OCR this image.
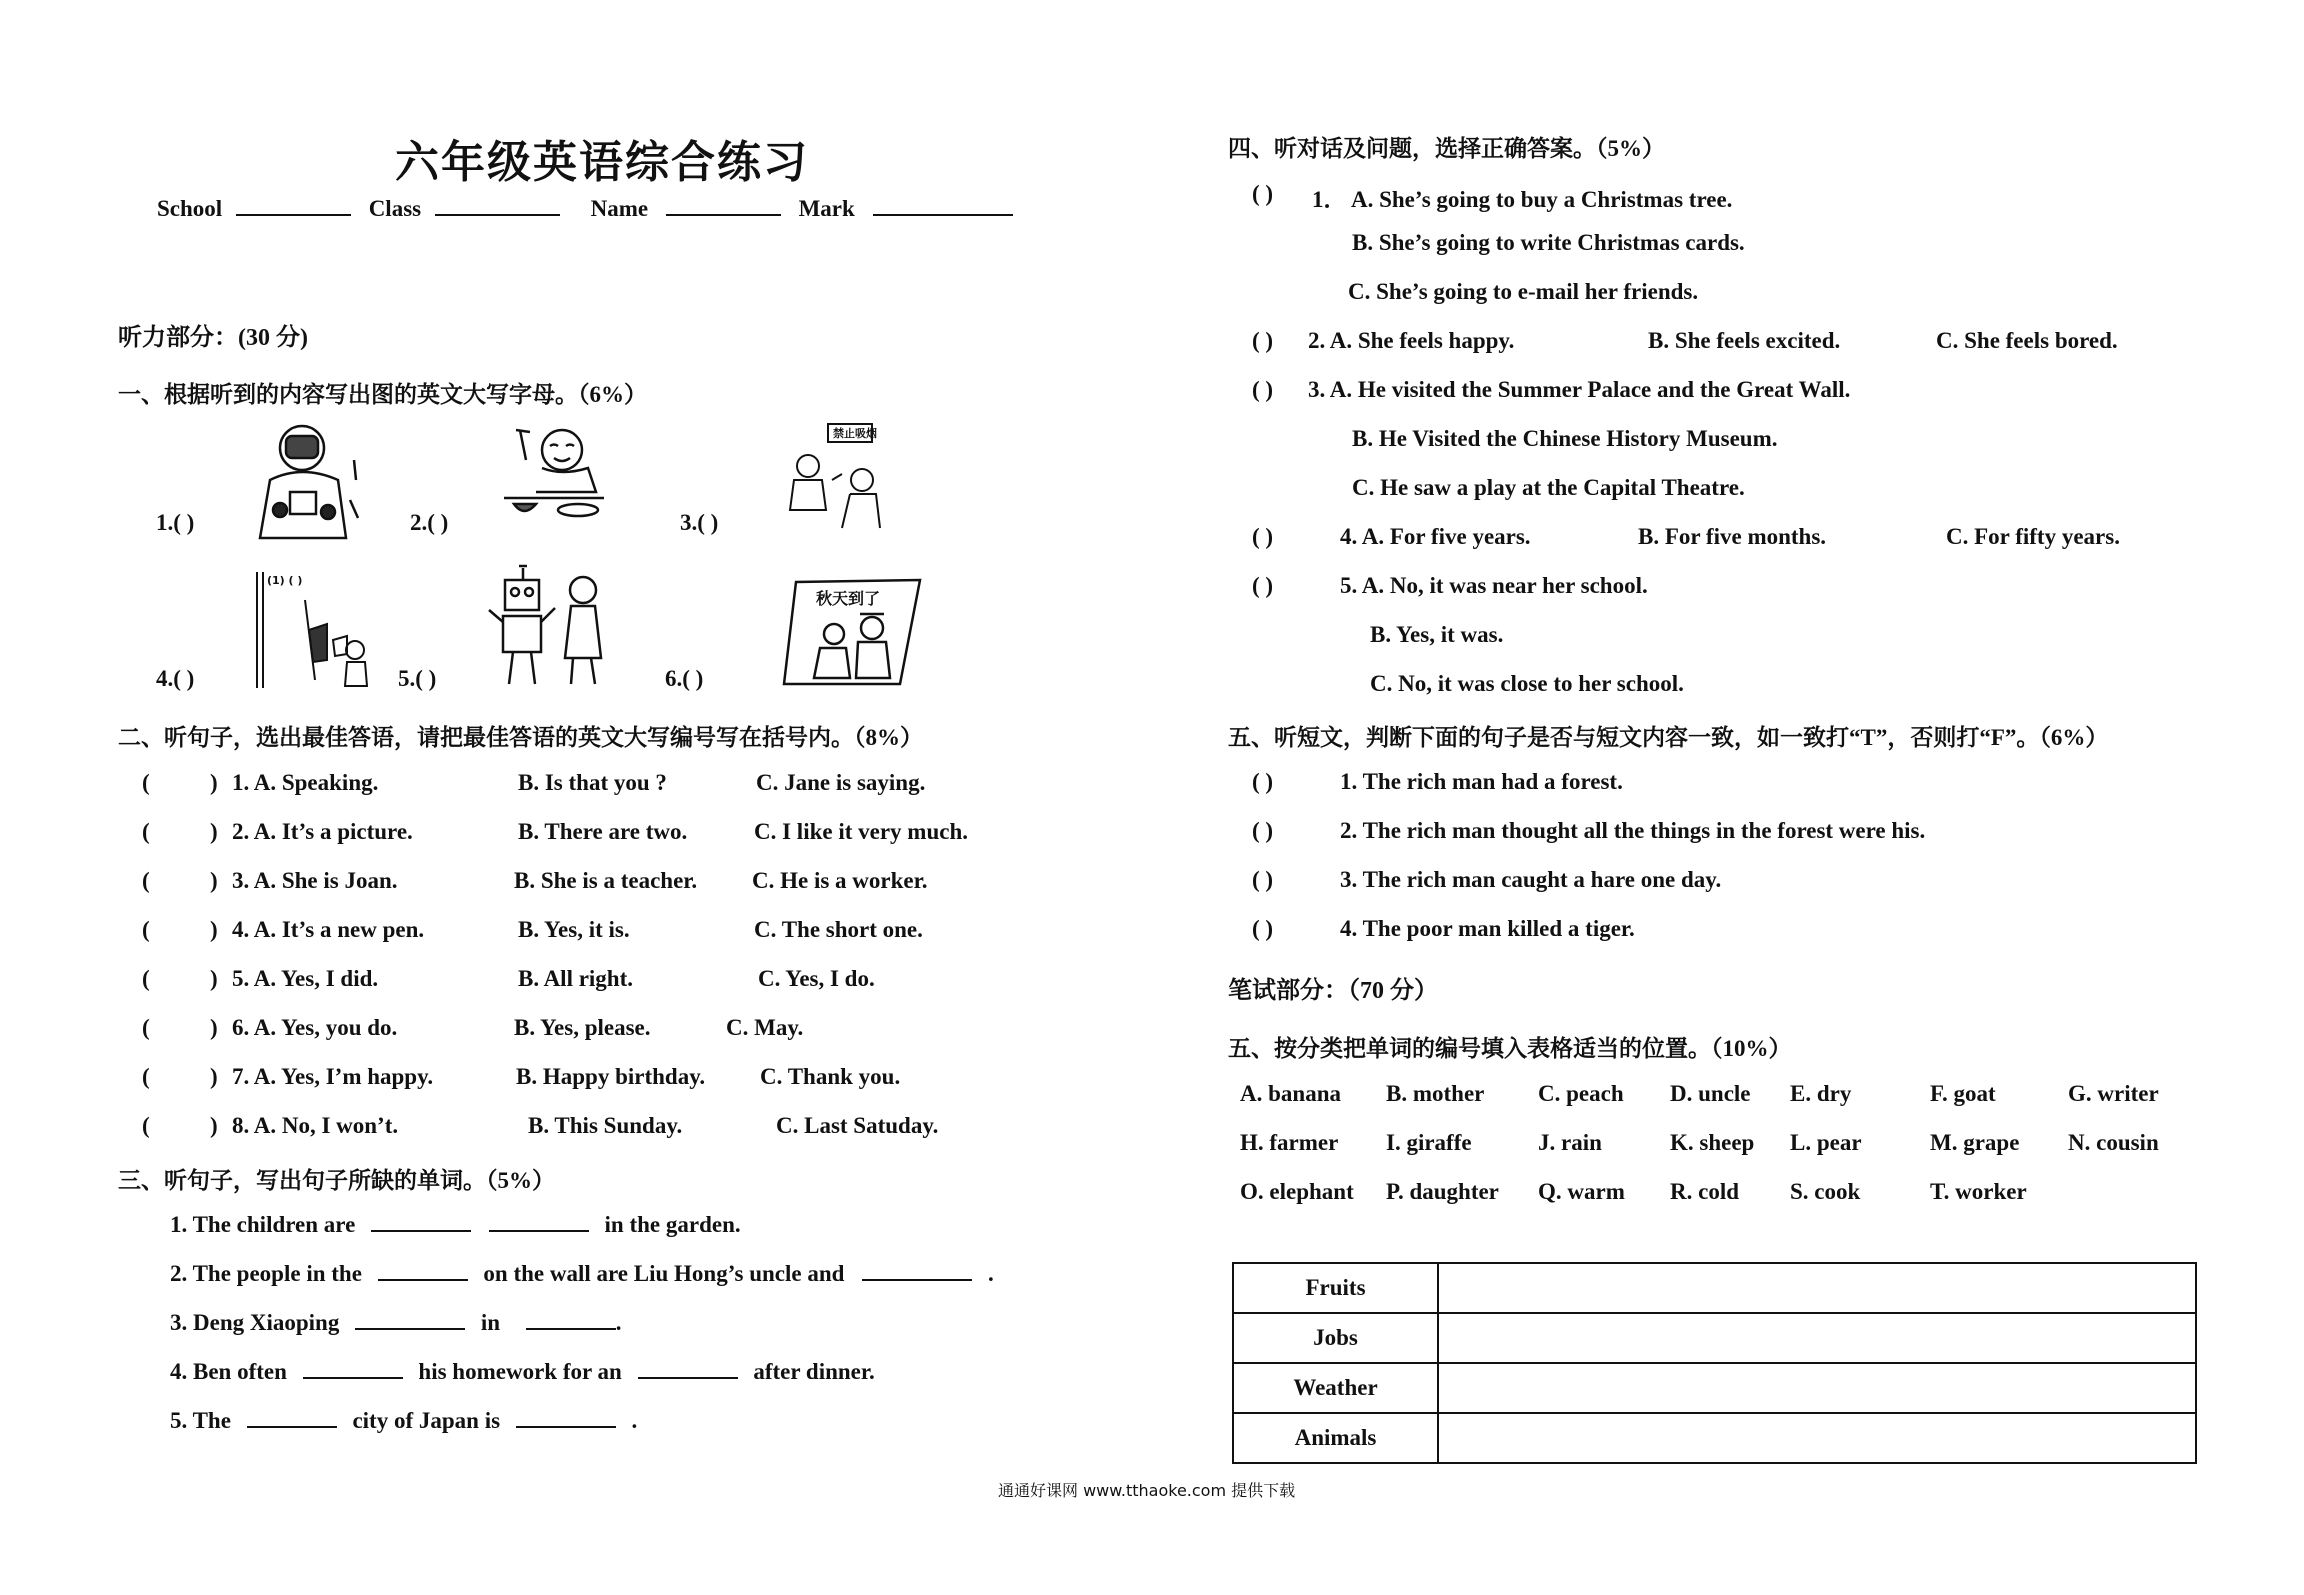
六年级英语综合练习
School	Class	Name	Mark
听力部分：(30 分)
一、根据听到的内容写出图的英文大写字母。（6%）
1.( )	2.( )	3.( )
4.( )	5.( )	6.( )
禁止吸烟
(1) ( )
秋天到了
二、听句子，选出最佳答语，请把最佳答语的英文大写编号写在括号内。（8%）
(	) 1. A. Speaking.	B. Is that you ?	C. Jane is saying.
(	) 2. A. It’s a picture.	B. There are two.	C. I like it very much.
(	) 3. A. She is Joan.	B. She is a teacher. C. He is a worker.
(	) 4. A. It’s a new pen.	B. Yes, it is.	C. The short one.
(	) 5. A. Yes, I did.	B. All right.	C. Yes, I do.
(	) 6. A. Yes, you do.	B. Yes, please.	C. May.
(	) 7. A. Yes, I’m happy.	B. Happy birthday. C. Thank you.
(	) 8. A. No, I won’t.	B. This Sunday.	C. Last Satuday.
三、听句子，写出句子所缺的单词。（5%）
1. The children are	in the garden.
2. The people in the	on the wall are Liu Hong’s uncle and	.
3. Deng Xiaoping	in	.
4. Ben often	his homework for an	after dinner.
5. The	city of Japan is	.
四、听对话及问题，选择正确答案。（5%）
( ) 1． A. She’s going to buy a Christmas tree.
B. She’s going to write Christmas cards.
C. She’s going to e-mail her friends.
( ) 2. A. She feels happy.	B. She feels excited.	C. She feels bored.
( ) 3. A. He visited the Summer Palace and the Great Wall.
B. He Visited the Chinese History Museum.
C. He saw a play at the Capital Theatre.
( )	4. A. For five years.	B. For five months.	C. For fifty years.
( )	5. A. No, it was near her school.
B. Yes, it was.
C. No, it was close to her school.
五、听短文，判断下面的句子是否与短文内容一致，如一致打“T”，否则打“F”。（6%）
( )	1. The rich man had a forest.
( )	2. The rich man thought all the things in the forest were his.
( )	3. The rich man caught a hare one day.
( )	4. The poor man killed a tiger.
笔试部分：（70 分）
五、按分类把单词的编号填入表格适当的位置。（10%）
A. banana B. mother C. peach D. uncle E. dry	F. goat	G. writer
H. farmer I. giraffe	J. rain	K. sheep L. pear	M. grape N. cousin
O. elephant P. daughter Q. warm R. cold S. cook	T. worker
Fruits	
Jobs	
Weather	
Animals	
通通好课网 www.tthaoke.com 提供下载
